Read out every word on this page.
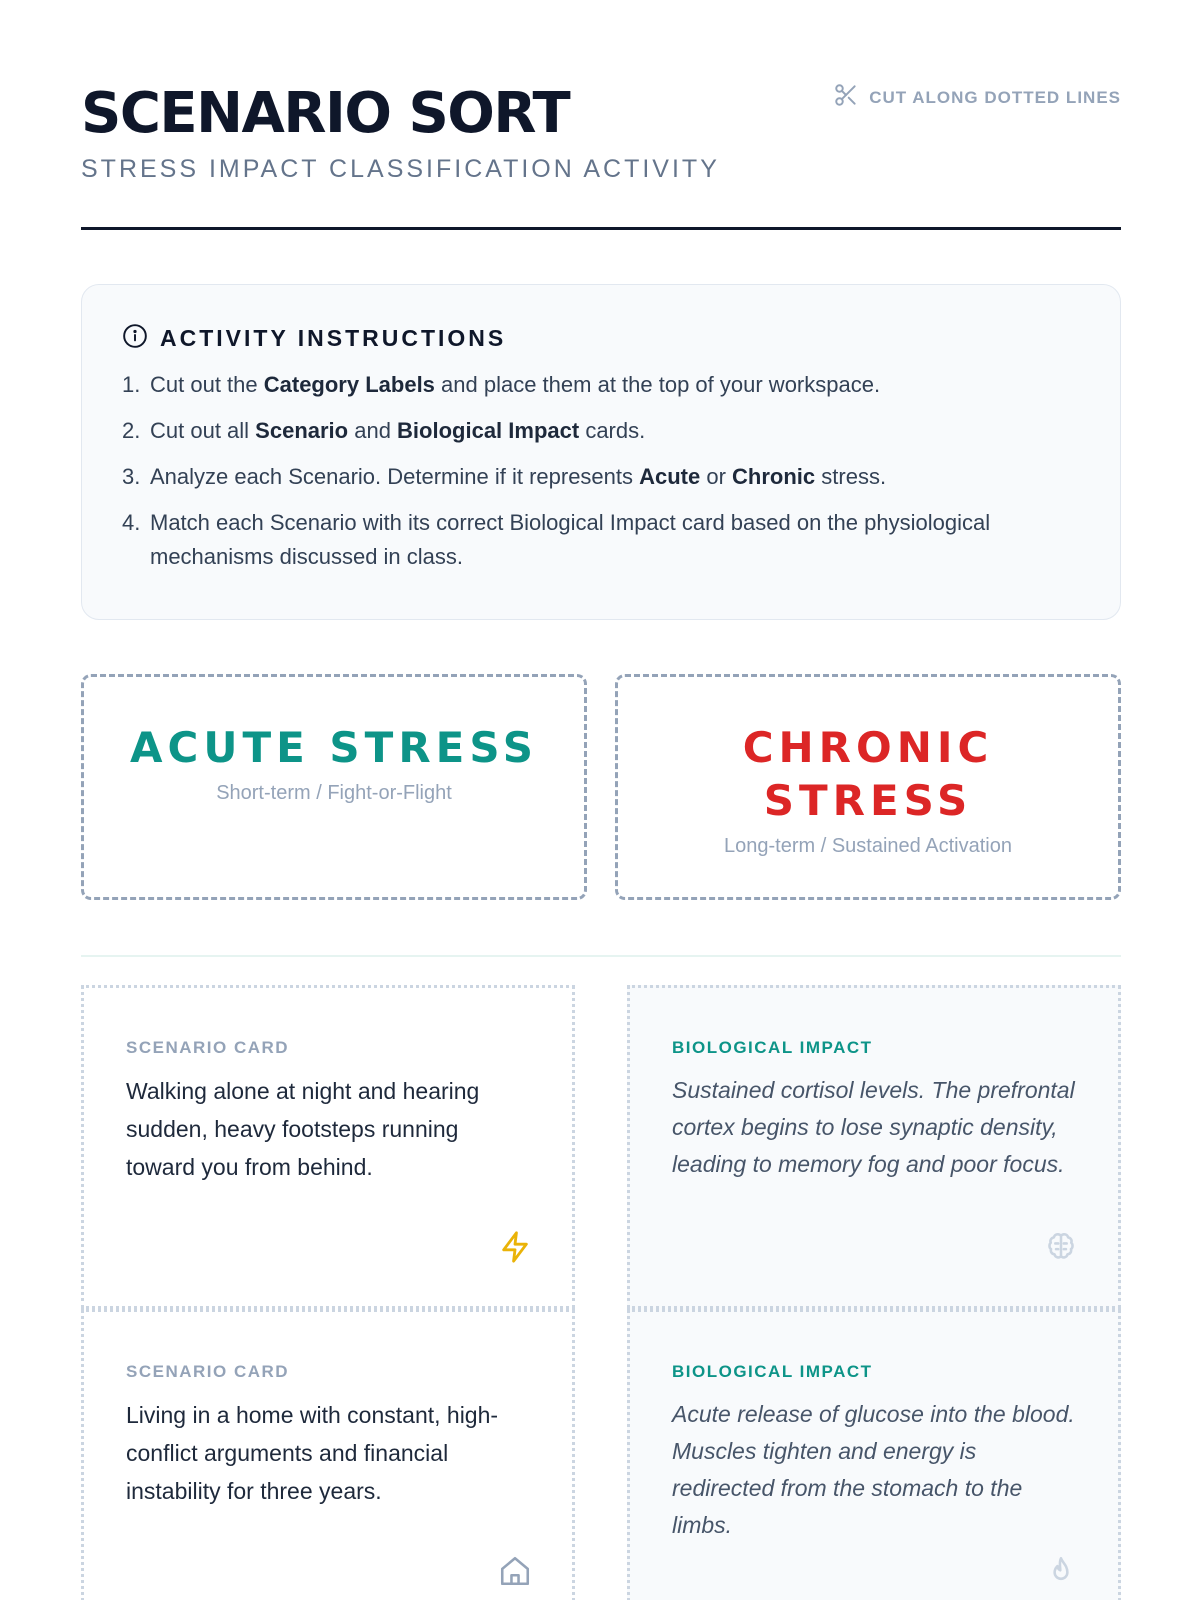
SCENARIO SORT
STRESS IMPACT CLASSIFICATION ACTIVITY
CUT ALONG DOTTED LINES
ACTIVITY INSTRUCTIONS
1. Cut out the Category Labels and place them at the top of your workspace.
2. Cut out all Scenario and Biological Impact cards.
3. Analyze each Scenario. Determine if it represents Acute or Chronic stress.
4. Match each Scenario with its correct Biological Impact card based on the physiological mechanisms discussed in class.
ACUTE STRESS
Short-term / Fight-or-Flight
CHRONIC STRESS
Long-term / Sustained Activation
SCENARIO CARD
Walking alone at night and hearing sudden, heavy footsteps running toward you from behind.
BIOLOGICAL IMPACT
Sustained cortisol levels. The prefrontal cortex begins to lose synaptic density, leading to memory fog and poor focus.
SCENARIO CARD
Living in a home with constant, high-conflict arguments and financial instability for three years.
BIOLOGICAL IMPACT
Acute release of glucose into the blood. Muscles tighten and energy is redirected from the stomach to the limbs.
